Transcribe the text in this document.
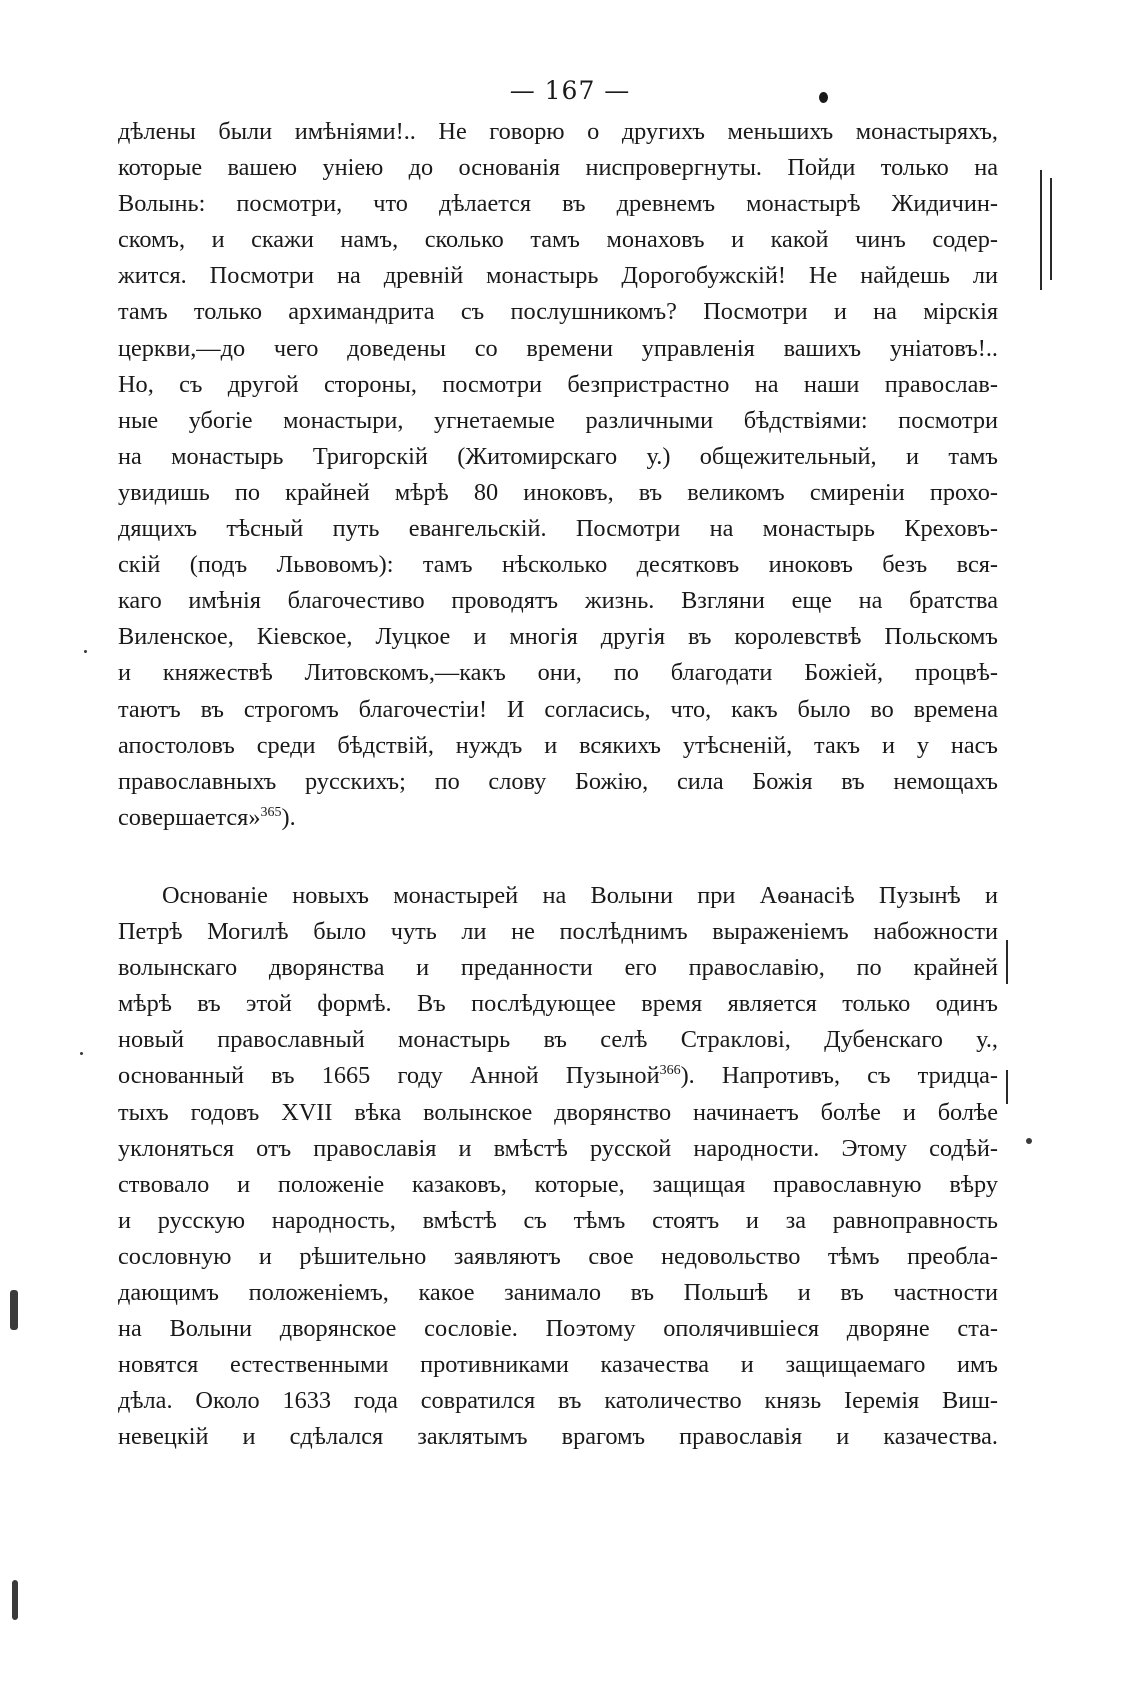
— 167 —
дѣлены были имѣніями!.. Не говорю о другихъ меньшихъ монастыряхъ,
которые вашею унiею до основанія ниспровергнуты. Пойди только на
Волынь: посмотри, что дѣлается въ древнемъ монастырѣ Жидичин-
скомъ, и скажи намъ, сколько тамъ монаховъ и какой чинъ содер-
жится. Посмотри на древній монастырь Дорогобужскій! Не найдешь ли
тамъ только архимандрита съ послушникомъ? Посмотри и на мірскія
церкви,—до чего доведены со времени управленія вашихъ уніатовъ!..
Но, съ другой стороны, посмотри безпристрастно на наши православ-
ные убогіе монастыри, угнетаемые различными бѣдствіями: посмотри
на монастырь Тригорскій (Житомирскаго у.) общежительный, и тамъ
увидишь по крайней мѣрѣ 80 иноковъ, въ великомъ смиреніи прохо-
дящихъ тѣсный путь евангельскій. Посмотри на монастырь Креховъ-
скій (подъ Львовомъ): тамъ нѣсколько десятковъ иноковъ безъ вся-
каго имѣнія благочестиво проводятъ жизнь. Взгляни еще на братства
Виленское, Кіевское, Луцкое и многія другія въ королевствѣ Польскомъ
и княжествѣ Литовскомъ,—какъ они, по благодати Божіей, процвѣ-
таютъ въ строгомъ благочестіи! И согласись, что, какъ было во времена
апостоловъ среди бѣдствій, нуждъ и всякихъ утѣсненій, такъ и у насъ
православныхъ русскихъ; по слову Божію, сила Божія въ немощахъ
совершается»$^{365}$).
Основаніе новыхъ монастырей на Волыни при Аѳанасіѣ Пузынѣ и
Петрѣ Могилѣ было чуть ли не послѣднимъ выраженіемъ набожности
волынскаго дворянства и преданности его православію, по крайней
мѣрѣ въ этой формѣ. Въ послѣдующее время является только одинъ
новый православный монастырь въ селѣ Страклові, Дубенскаго у.,
основанный въ 1665 году Анной Пузыной$^{366}$). Напротивъ, съ тридца-
тыхъ годовъ XVII вѣка волынское дворянство начинаетъ болѣе и болѣе
уклоняться отъ православія и вмѣстѣ русской народности. Этому содѣй-
ствовало и положеніе казаковъ, которые, защищая православную вѣру
и русскую народность, вмѣстѣ съ тѣмъ стоятъ и за равноправность
сословную и рѣшительно заявляютъ свое недовольство тѣмъ преобла-
дающимъ положеніемъ, какое занимало въ Польшѣ и въ частности
на Волыни дворянское сословіе. Поэтому ополячившіеся дворяне ста-
новятся естественными противниками казачества и защищаемаго имъ
дѣла. Около 1633 года совратился въ католичество князь Іеремія Виш-
невецкій и сдѣлался заклятымъ врагомъ православія и казачества.
